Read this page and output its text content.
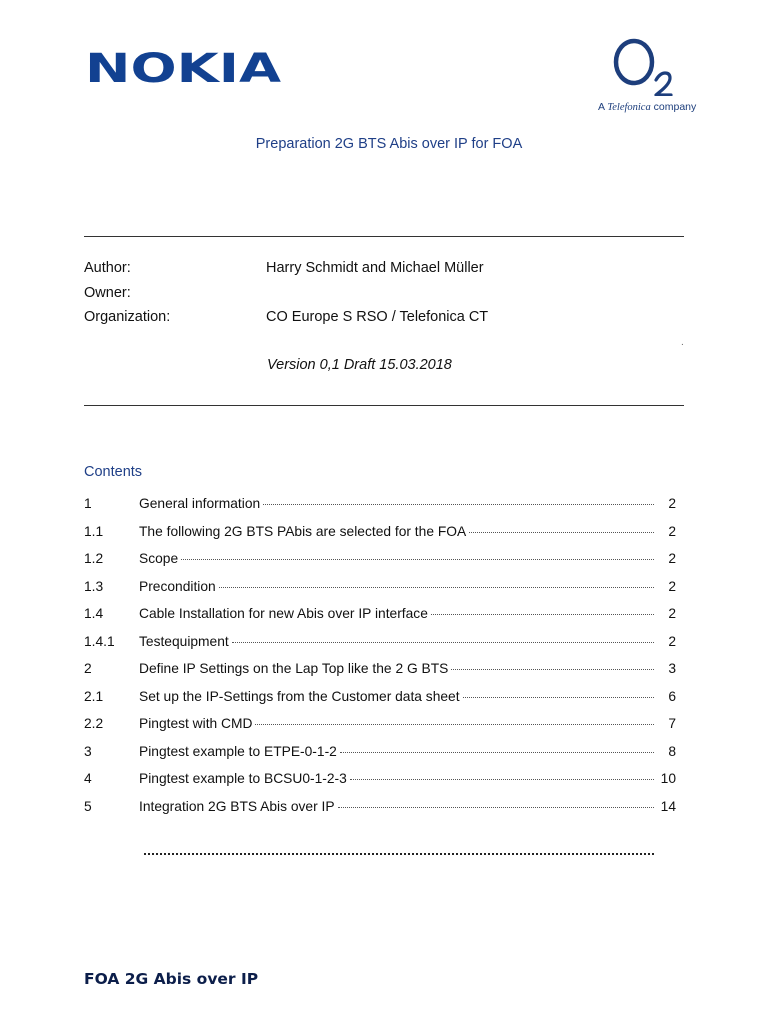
NOKIA
A Telefonica company
Preparation 2G BTS Abis over IP for FOA
Author:	Harry Schmidt and Michael Müller
Owner:
Organization:	CO Europe S RSO / Telefonica CT
.
Version 0,1 Draft 15.03.2018
Contents
1	General information	2
1.1	The following 2G BTS PAbis are selected for the FOA	2
1.2	Scope	2
1.3	Precondition	2
1.4	Cable Installation for new Abis over IP interface	2
1.4.1 Testequipment	2
2	Define IP Settings on the Lap Top like the 2 G BTS	3
2.1	Set up the IP-Settings from the Customer data sheet	6
2.2	Pingtest with CMD	7
3	Pingtest example to ETPE-0-1-2	8
4	Pingtest example to BCSU0-1-2-3	10
5	Integration 2G BTS Abis over IP	14
FOA 2G Abis over IP
